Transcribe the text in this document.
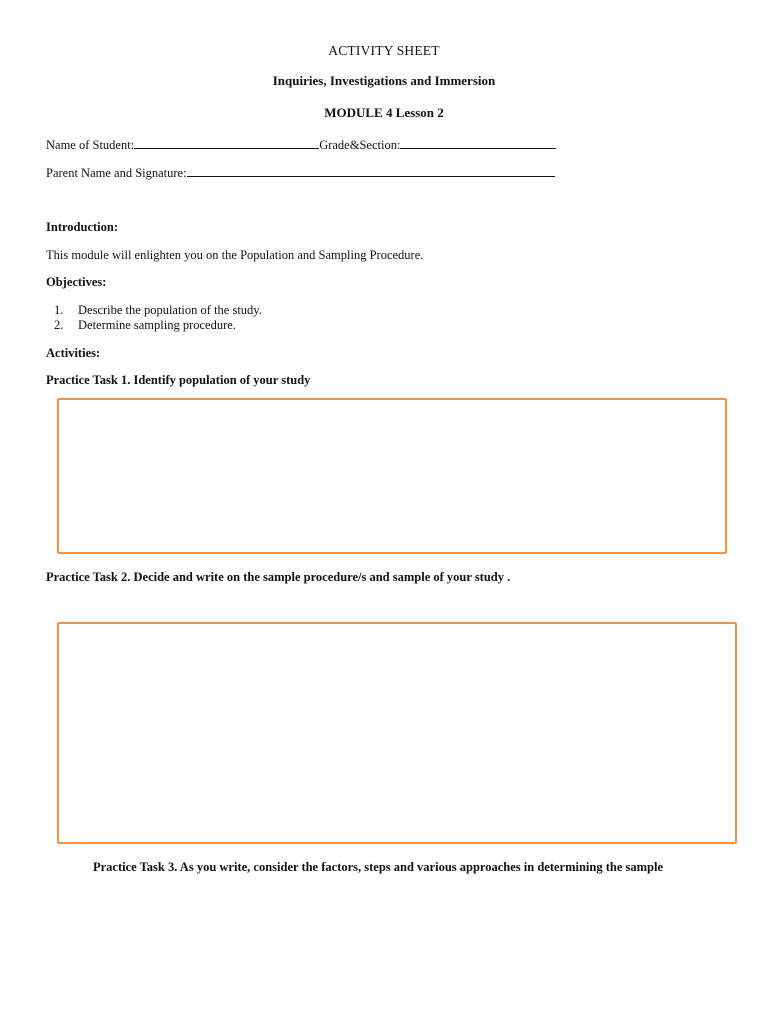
ACTIVITY SHEET
Inquiries, Investigations and Immersion
MODULE 4 Lesson 2
Name of Student:	Grade&Section:
Parent Name and Signature:
Introduction:
This module will enlighten you on the Population and Sampling Procedure.
Objectives:
1. Describe the population of the study.
2. Determine sampling procedure.
Activities:
Practice Task 1. Identify population of your study
Practice Task 2. Decide and write on the sample procedure/s and sample of your study .
Practice Task 3. As you write, consider the factors, steps and various approaches in determining the sample
